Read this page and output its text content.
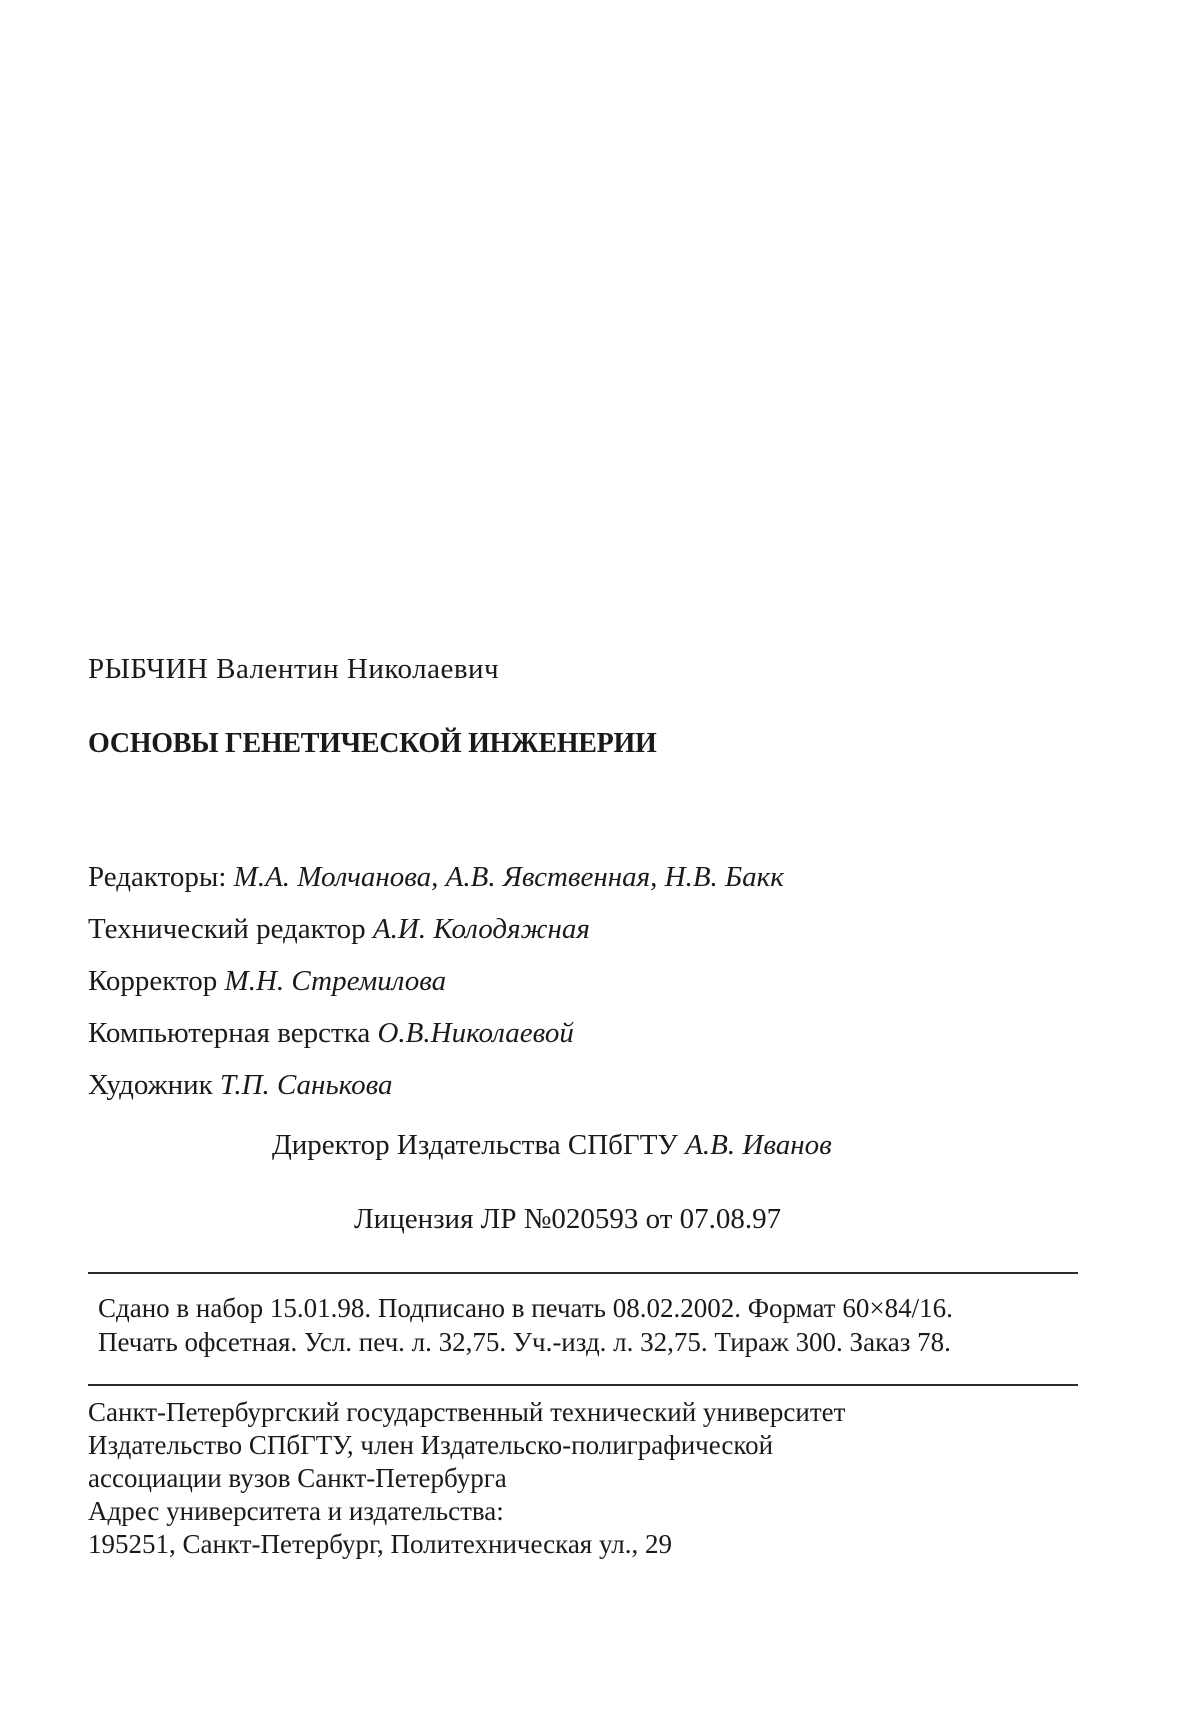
РЫБЧИН Валентин Николаевич
ОСНОВЫ ГЕНЕТИЧЕСКОЙ ИНЖЕНЕРИИ
Редакторы: М.А. Молчанова, А.В. Явственная, Н.В. Бакк
Технический редактор А.И. Колодяжная
Корректор М.Н. Стремилова
Компьютерная верстка О.В.Николаевой
Художник Т.П. Санькова
Директор Издательства СПбГТУ А.В. Иванов
Лицензия ЛР №020593 от 07.08.97
Сдано в набор 15.01.98. Подписано в печать 08.02.2002. Формат 60×84/16.
Печать офсетная. Усл. печ. л. 32,75. Уч.-изд. л. 32,75. Тираж 300. Заказ 78.
Санкт-Петербургский государственный технический университет
Издательство СПбГТУ, член Издательско-полиграфической
ассоциации вузов Санкт-Петербурга
Адрес университета и издательства:
195251, Санкт-Петербург, Политехническая ул., 29
